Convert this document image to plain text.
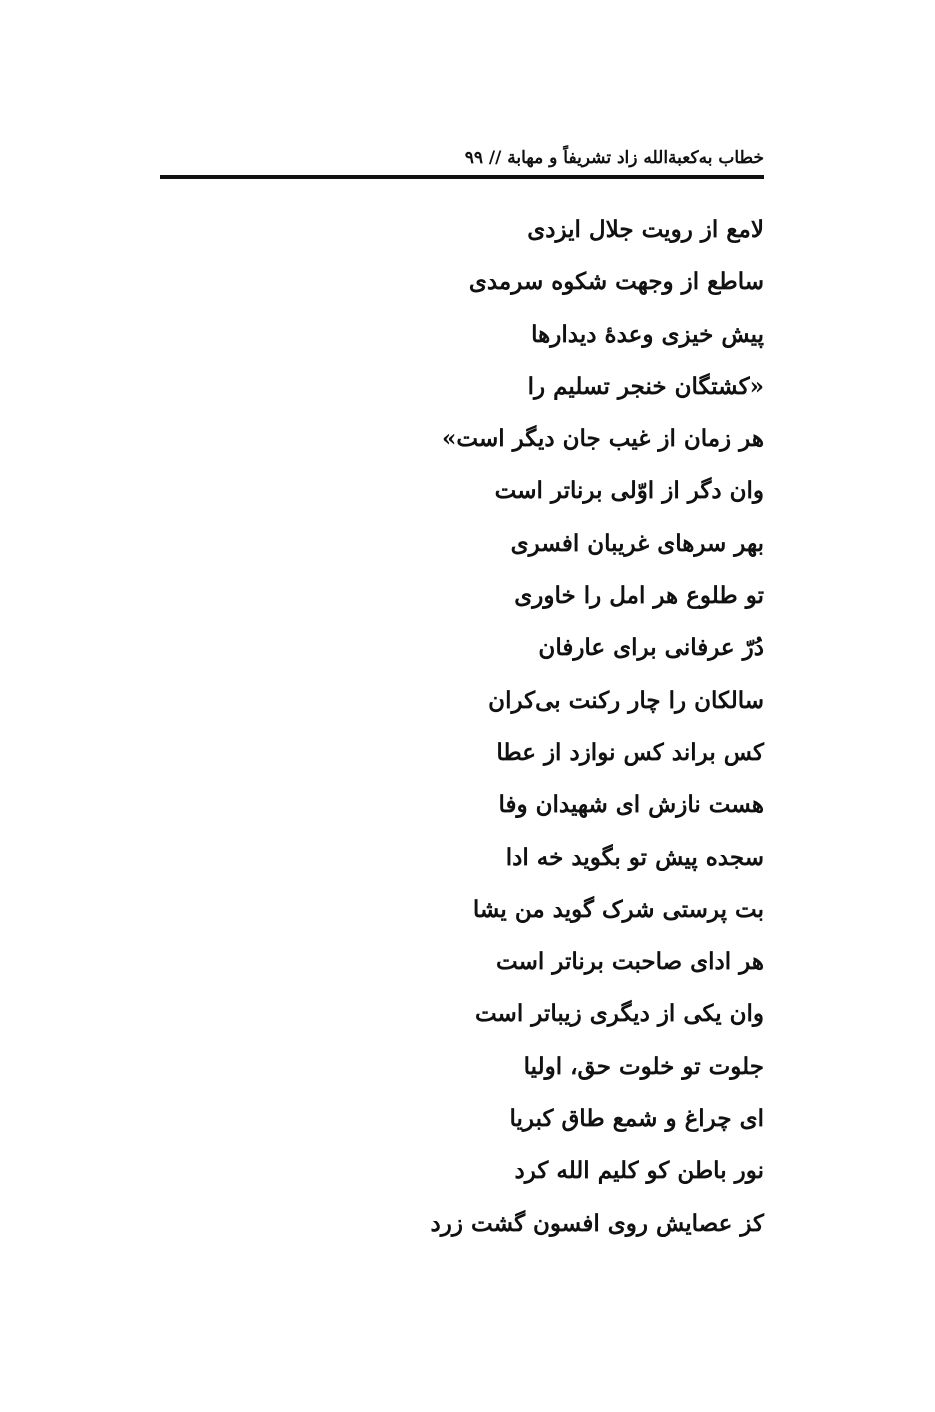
خطاب به‌کعبة‌الله زاد تشریفاً و مهابة // ۹۹
لامع از رویت جلال ایزدی
ساطع از وجهت شکوه سرمدی
پیش خیزی وعدهٔ دیدارها
«کشتگان خنجر تسلیم را
هر زمان از غیب جان دیگر است»
وان دگر از اوّلی برناتر است
بهر سرهای غریبان افسری
تو طلوع هر امل را خاوری
دُرّ عرفانی برای عارفان
سالکان را چار رکنت بی‌کران
کس براند کس نوازد از عطا
هست نازش ای شهیدان وفا
سجده پیش تو بگوید خه ادا
بت پرستی شرک گوید من یشا
هر ادای صاحبت برناتر است
وان یکی از دیگری زیباتر است
جلوت تو خلوت حق، اولیا
ای چراغ و شمع طاق کبریا
نور باطن کو کلیم الله کرد
کز عصایش روی افسون گشت زرد
